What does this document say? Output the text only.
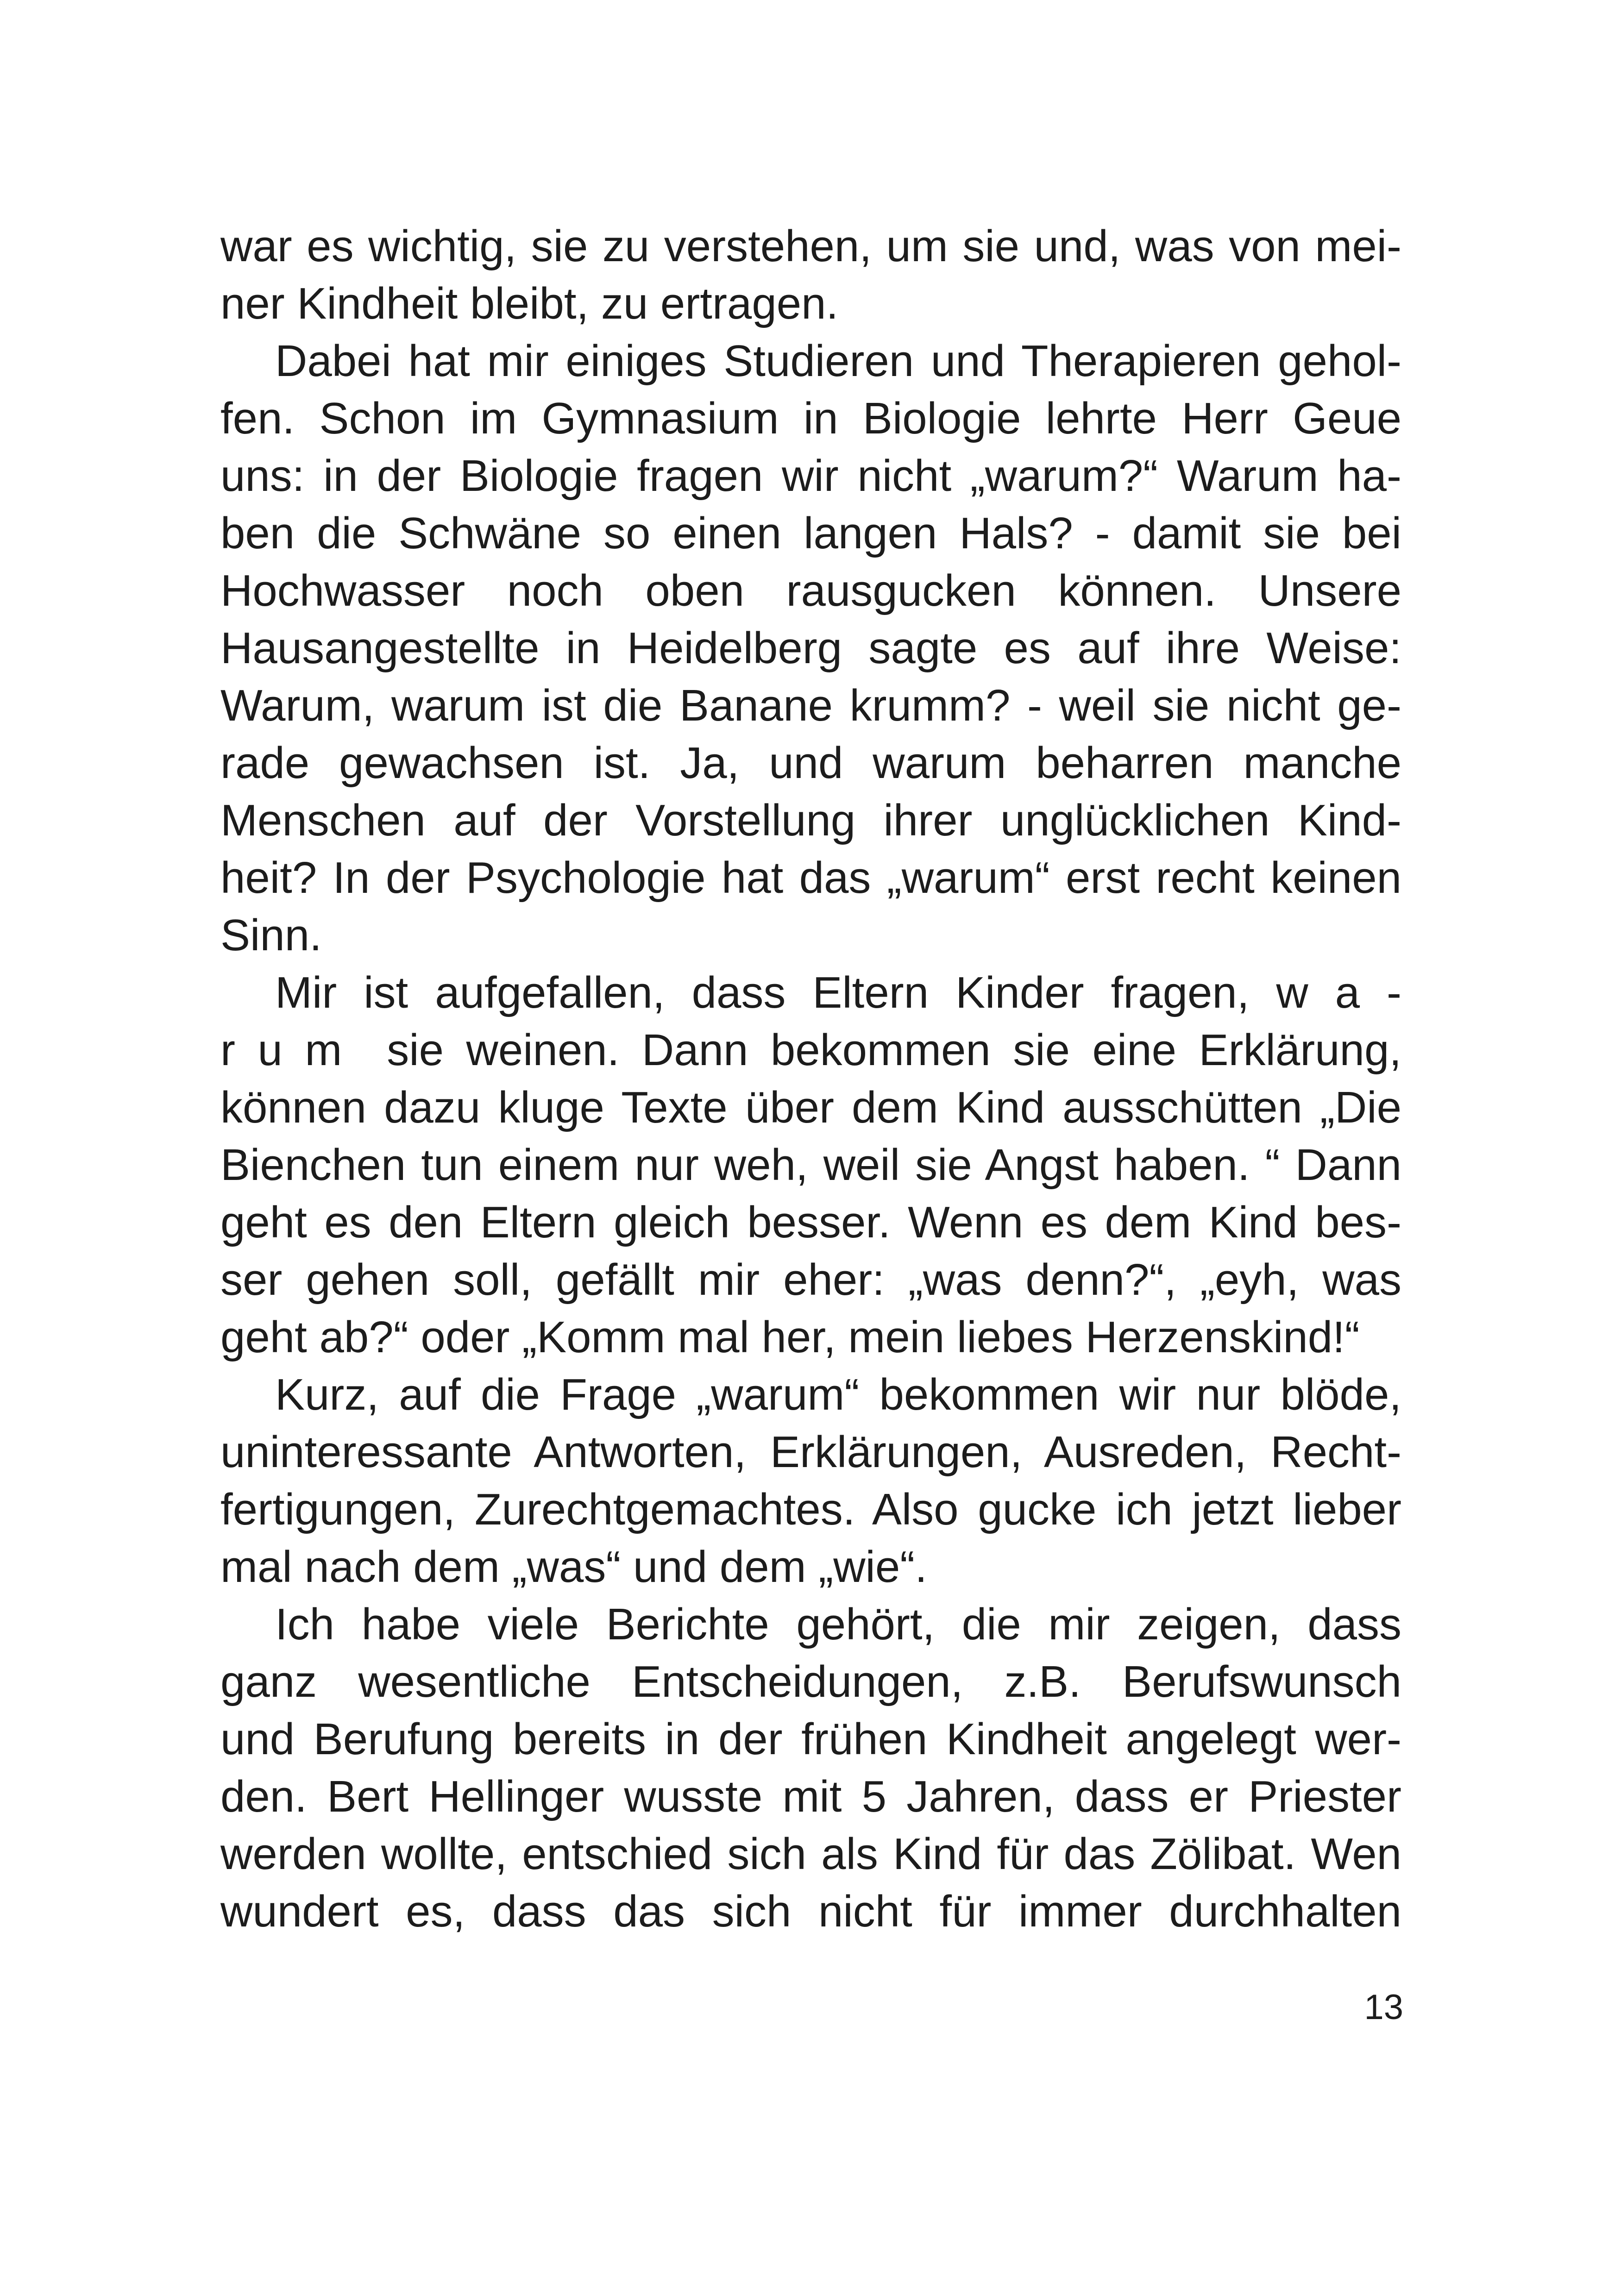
war es wichtig, sie zu verstehen, um sie und, was von mei-
ner Kindheit bleibt, zu ertragen.
Dabei hat mir einiges Studieren und Therapieren gehol-
fen. Schon im Gymnasium in Biologie lehrte Herr Geue
uns: in der Biologie fragen wir nicht „warum?“ Warum ha-
ben die Schwäne so einen langen Hals? - damit sie bei
Hochwasser noch oben rausgucken können. Unsere
Hausangestellte in Heidelberg sagte es auf ihre Weise:
Warum, warum ist die Banane krumm? - weil sie nicht ge-
rade gewachsen ist. Ja, und warum beharren manche
Menschen auf der Vorstellung ihrer unglücklichen Kind-
heit? In der Psychologie hat das „warum“ erst recht keinen
Sinn.
Mir ist aufgefallen, dass Eltern Kinder fragen, w a -
r u m  sie weinen. Dann bekommen sie eine Erklärung,
können dazu kluge Texte über dem Kind ausschütten „Die
Bienchen tun einem nur weh, weil sie Angst haben. “ Dann
geht es den Eltern gleich besser. Wenn es dem Kind bes-
ser gehen soll, gefällt mir eher: „was denn?“, „eyh, was
geht ab?“ oder „Komm mal her, mein liebes Herzenskind!“
Kurz, auf die Frage „warum“ bekommen wir nur blöde,
uninteressante Antworten, Erklärungen, Ausreden, Recht-
fertigungen, Zurechtgemachtes. Also gucke ich jetzt lieber
mal nach dem „was“ und dem „wie“.
Ich habe viele Berichte gehört, die mir zeigen, dass
ganz wesentliche Entscheidungen, z.B. Berufswunsch
und Berufung bereits in der frühen Kindheit angelegt wer-
den. Bert Hellinger wusste mit 5 Jahren, dass er Priester
werden wollte, entschied sich als Kind für das Zölibat. Wen
wundert es, dass das sich nicht für immer durchhalten
13
